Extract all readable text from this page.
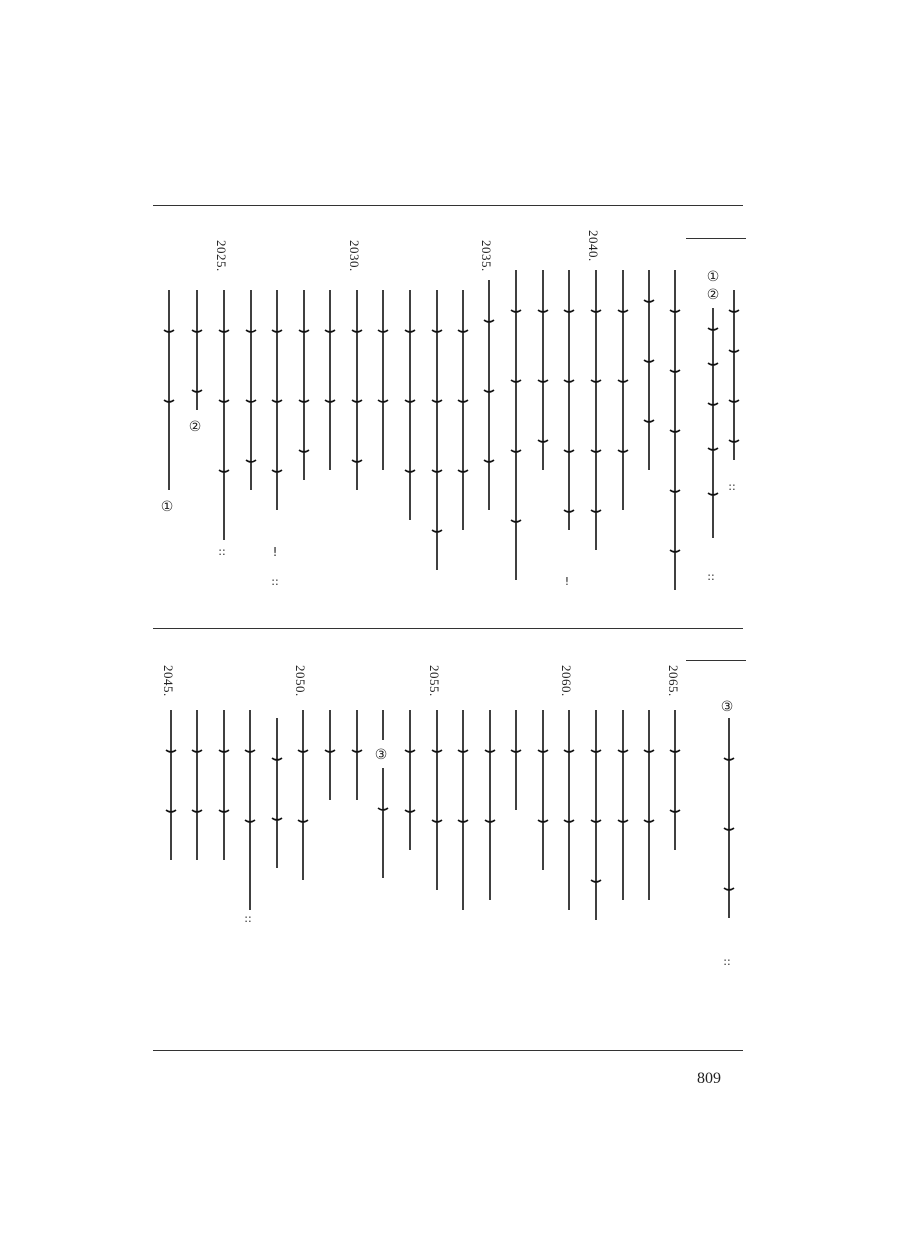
①
②
::
::
2040.
!
2035.
2030.
!
::
2025.
::
②
①
③
::
2065.
2060.
2055.
③
2050.
::
2045.
809
